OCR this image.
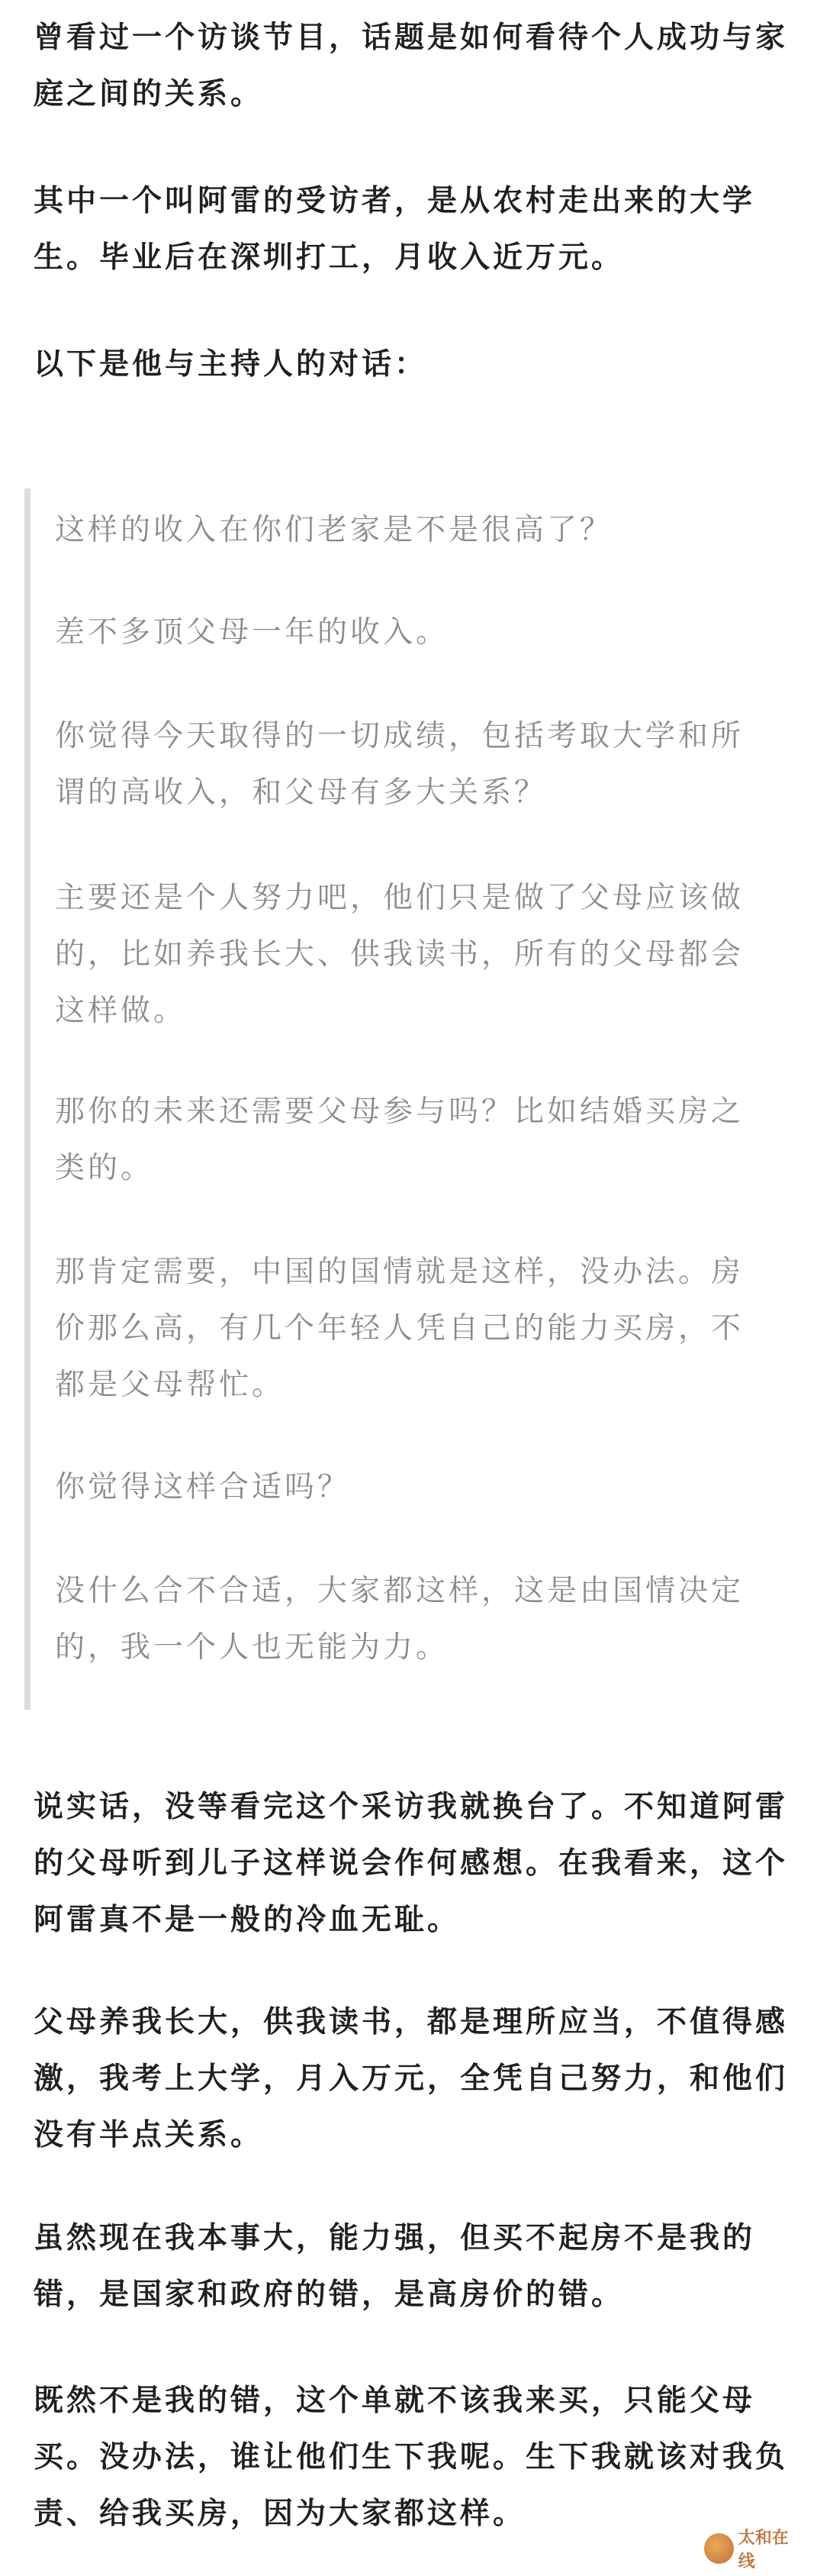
曾看过一个访谈节目，话题是如何看待个人成功与家庭之间的关系。

其中一个叫阿雷的受访者，是从农村走出来的大学生。毕业后在深圳打工，月收入近万元。

以下是他与主持人的对话：

这样的收入在你们老家是不是很高了？

差不多顶父母一年的收入。

你觉得今天取得的一切成绩，包括考取大学和所谓的高收入，和父母有多大关系？

主要还是个人努力吧，他们只是做了父母应该做的，比如养我长大、供我读书，所有的父母都会这样做。

那你的未来还需要父母参与吗？比如结婚买房之类的。

那肯定需要，中国的国情就是这样，没办法。房价那么高，有几个年轻人凭自己的能力买房，不都是父母帮忙。

你觉得这样合适吗？

没什么合不合适，大家都这样，这是由国情决定的，我一个人也无能为力。

说实话，没等看完这个采访我就换台了。不知道阿雷的父母听到儿子这样说会作何感想。在我看来，这个阿雷真不是一般的冷血无耻。

父母养我长大，供我读书，都是理所应当，不值得感激，我考上大学，月入万元，全凭自己努力，和他们没有半点关系。

虽然现在我本事大，能力强，但买不起房不是我的错，是国家和政府的错，是高房价的错。

既然不是我的错，这个单就不该我来买，只能父母买。没办法，谁让他们生下我呢。生下我就该对我负责、给我买房，因为大家都这样。

太和在线
